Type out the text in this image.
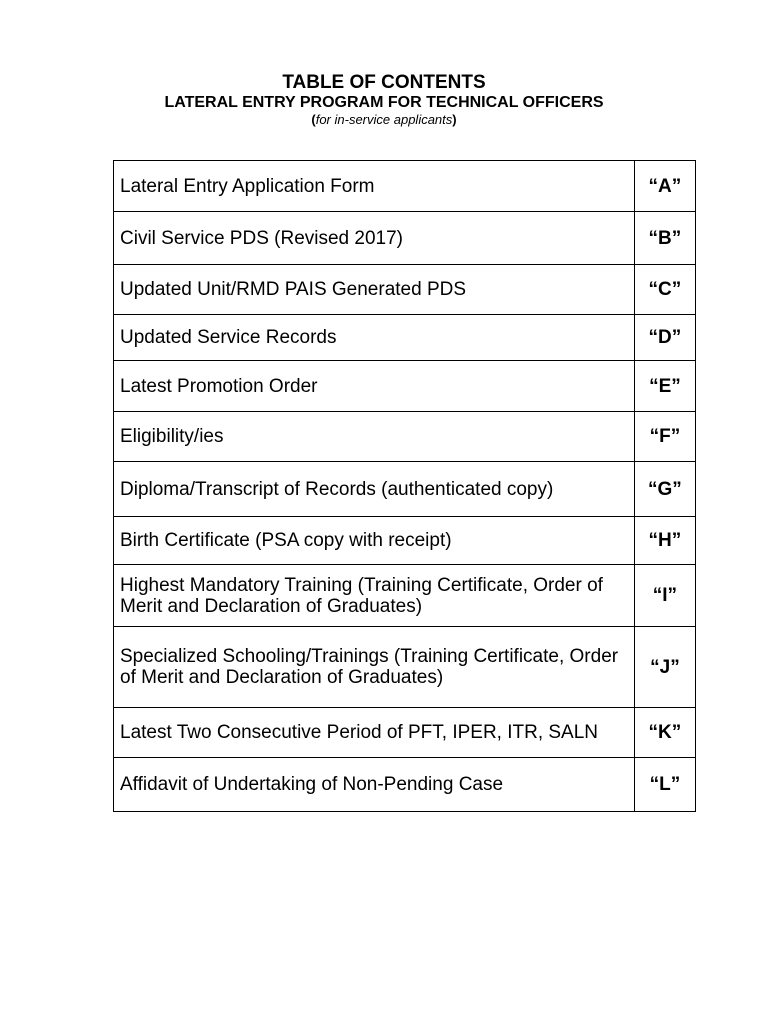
TABLE OF CONTENTS
LATERAL ENTRY PROGRAM FOR TECHNICAL OFFICERS
(for in-service applicants)
Lateral Entry Application Form	“A”
Civil Service PDS (Revised 2017)	“B”
Updated Unit/RMD PAIS Generated PDS	“C”
Updated Service Records	“D”
Latest Promotion Order	“E”
Eligibility/ies	“F”
Diploma/Transcript of Records (authenticated copy)	“G”
Birth Certificate (PSA copy with receipt)	“H”
Highest Mandatory Training (Training Certificate, Order of Merit and Declaration of Graduates)	“I”
Specialized Schooling/Trainings (Training Certificate, Order of Merit and Declaration of Graduates)	“J”
Latest Two Consecutive Period of PFT, IPER, ITR, SALN	“K”
Affidavit of Undertaking of Non-Pending Case	“L”
